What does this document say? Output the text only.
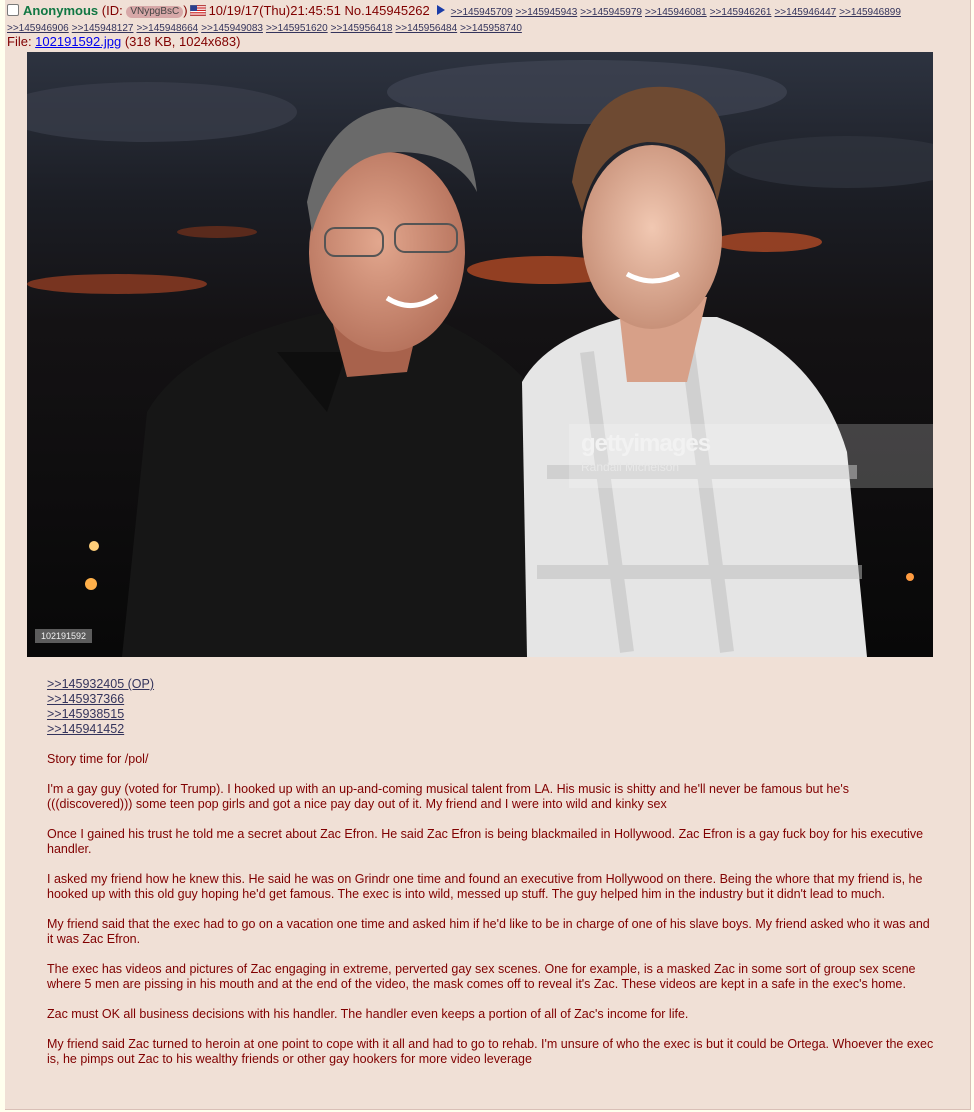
Anonymous (ID: VNypgBsC ) 10/19/17(Thu)21:45:51 No.145945262 >>145945709 >>145945943 >>145945979 >>145946081 >>145946261 >>145946447 >>145946899
>>145946906 >>145948127 >>145948664 >>145949083 >>145951620 >>145956418 >>145956484 >>145958740
File: 102191592.jpg (318 KB, 1024x683)
gettyimages
Randall Michelson
102191592
>>145932405 (OP)
>>145937366
>>145938515
>>145941452

Story time for /pol/

I'm a gay guy (voted for Trump). I hooked up with an up-and-coming musical talent from LA. His music is shitty and he'll never be famous but he's (((discovered))) some teen pop girls and got a nice pay day out of it. My friend and I were into wild and kinky sex

Once I gained his trust he told me a secret about Zac Efron. He said Zac Efron is being blackmailed in Hollywood. Zac Efron is a gay fuck boy for his executive handler.

I asked my friend how he knew this. He said he was on Grindr one time and found an executive from Hollywood on there. Being the whore that my friend is, he hooked up with this old guy hoping he'd get famous. The exec is into wild, messed up stuff. The guy helped him in the industry but it didn't lead to much.

My friend said that the exec had to go on a vacation one time and asked him if he'd like to be in charge of one of his slave boys. My friend asked who it was and it was Zac Efron.

The exec has videos and pictures of Zac engaging in extreme, perverted gay sex scenes. One for example, is a masked Zac in some sort of group sex scene where 5 men are pissing in his mouth and at the end of the video, the mask comes off to reveal it's Zac. These videos are kept in a safe in the exec's home.

Zac must OK all business decisions with his handler. The handler even keeps a portion of all of Zac's income for life.

My friend said Zac turned to heroin at one point to cope with it all and had to go to rehab. I'm unsure of who the exec is but it could be Ortega. Whoever the exec is, he pimps out Zac to his wealthy friends or other gay hookers for more video leverage
